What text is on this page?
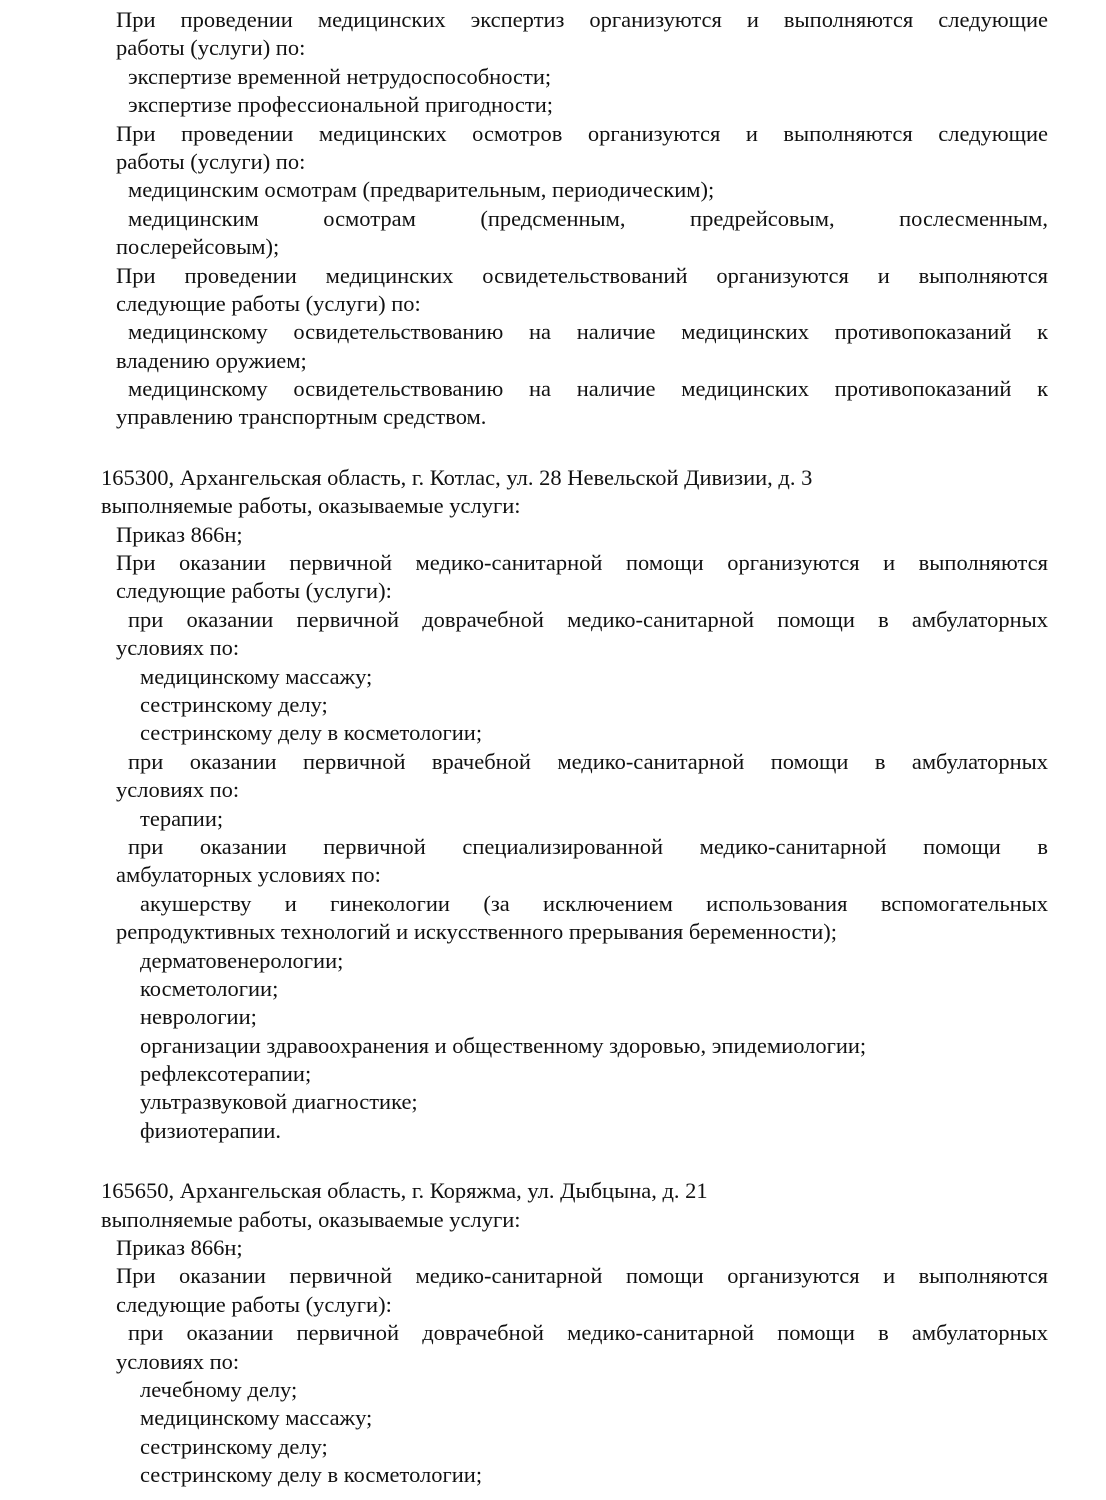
При проведении медицинских экспертиз организуются и выполняются следующие
работы (услуги) по:
экспертизе временной нетрудоспособности;
экспертизе профессиональной пригодности;
При проведении медицинских осмотров организуются и выполняются следующие
работы (услуги) по:
медицинским осмотрам (предварительным, периодическим);
медицинским осмотрам (предсменным, предрейсовым, послесменным,
послерейсовым);
При проведении медицинских освидетельствований организуются и выполняются
следующие работы (услуги) по:
медицинскому освидетельствованию на наличие медицинских противопоказаний к
владению оружием;
медицинскому освидетельствованию на наличие медицинских противопоказаний к
управлению транспортным средством.
165300, Архангельская область, г. Котлас, ул. 28 Невельской Дивизии, д. 3
выполняемые работы, оказываемые услуги:
Приказ 866н;
При оказании первичной медико-санитарной помощи организуются и выполняются
следующие работы (услуги):
при оказании первичной доврачебной медико-санитарной помощи в амбулаторных
условиях по:
медицинскому массажу;
сестринскому делу;
сестринскому делу в косметологии;
при оказании первичной врачебной медико-санитарной помощи в амбулаторных
условиях по:
терапии;
при оказании первичной специализированной медико-санитарной помощи в
амбулаторных условиях по:
акушерству и гинекологии (за исключением использования вспомогательных
репродуктивных технологий и искусственного прерывания беременности);
дерматовенерологии;
косметологии;
неврологии;
организации здравоохранения и общественному здоровью, эпидемиологии;
рефлексотерапии;
ультразвуковой диагностике;
физиотерапии.
165650, Архангельская область, г. Коряжма, ул. Дыбцына, д. 21
выполняемые работы, оказываемые услуги:
Приказ 866н;
При оказании первичной медико-санитарной помощи организуются и выполняются
следующие работы (услуги):
при оказании первичной доврачебной медико-санитарной помощи в амбулаторных
условиях по:
лечебному делу;
медицинскому массажу;
сестринскому делу;
сестринскому делу в косметологии;
